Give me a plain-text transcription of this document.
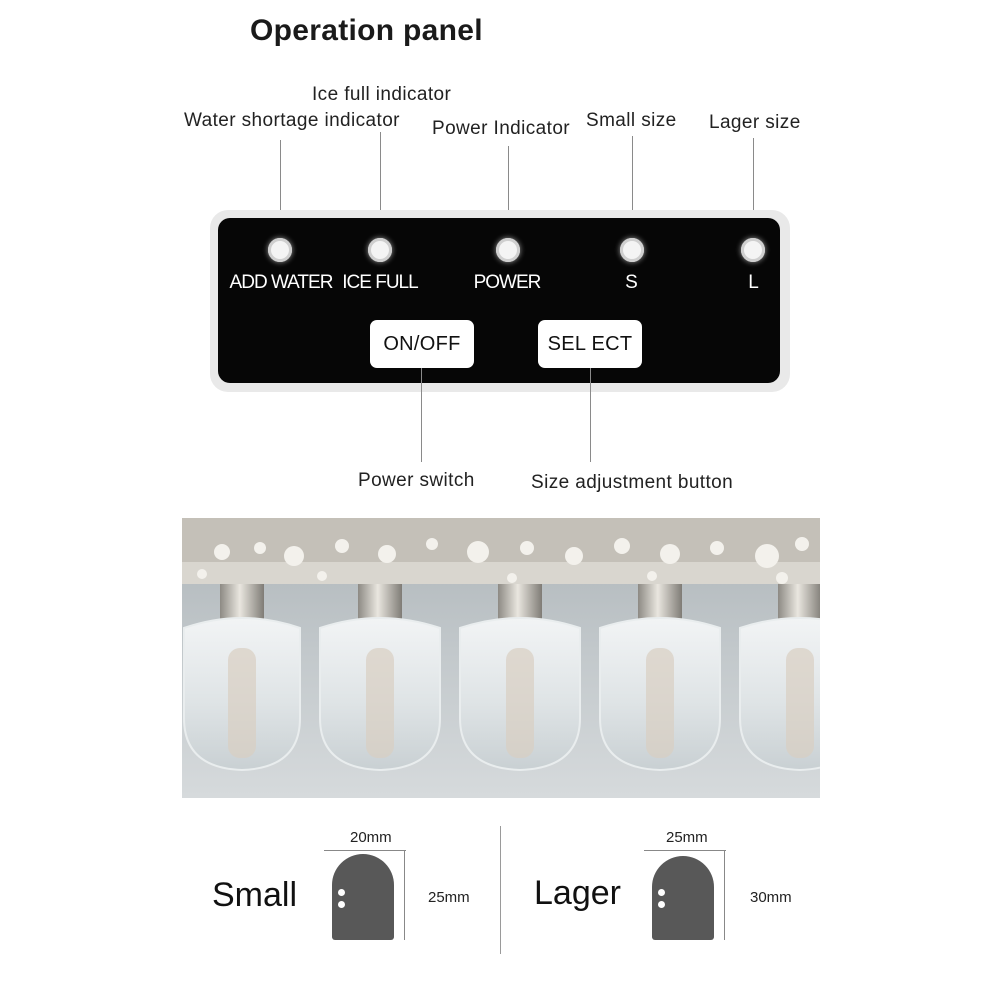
Operation panel
Ice full indicator
Water shortage indicator Power Indicator Small size Lager size
ADD WATER ICE FULL	POWER	S	L
ON/OFF	SEL ECT
Power switch	Size adjustment button
Small
20mm
25mm Lager
25mm
30mm
